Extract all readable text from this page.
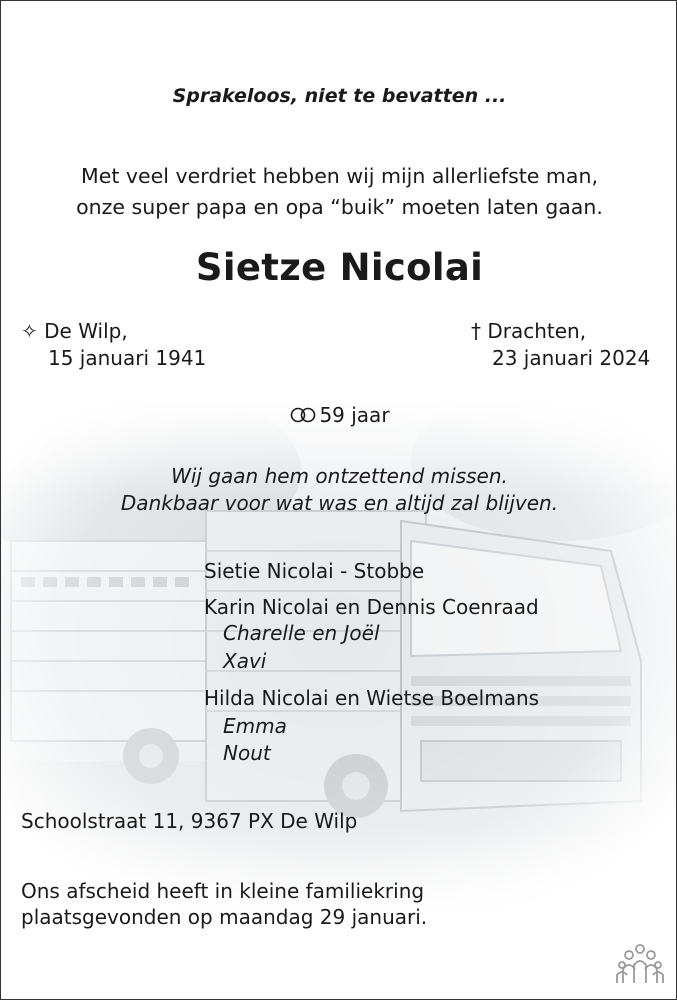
Sprakeloos, niet te bevatten ...
Met veel verdriet hebben wij mijn allerliefste man,
onze super papa en opa “buik” moeten laten gaan.
Sietze Nicolai
✧ De Wilp,
15 januari 1941
† Drachten,
23 januari 2024
59 jaar
Wij gaan hem ontzettend missen.
Dankbaar voor wat was en altijd zal blijven.
Sietie Nicolai - Stobbe
Karin Nicolai en Dennis Coenraad
Charelle en Joël
Xavi
Hilda Nicolai en Wietse Boelmans
Emma
Nout
Schoolstraat 11, 9367 PX De Wilp
Ons afscheid heeft in kleine familiekring
plaatsgevonden op maandag 29 januari.
